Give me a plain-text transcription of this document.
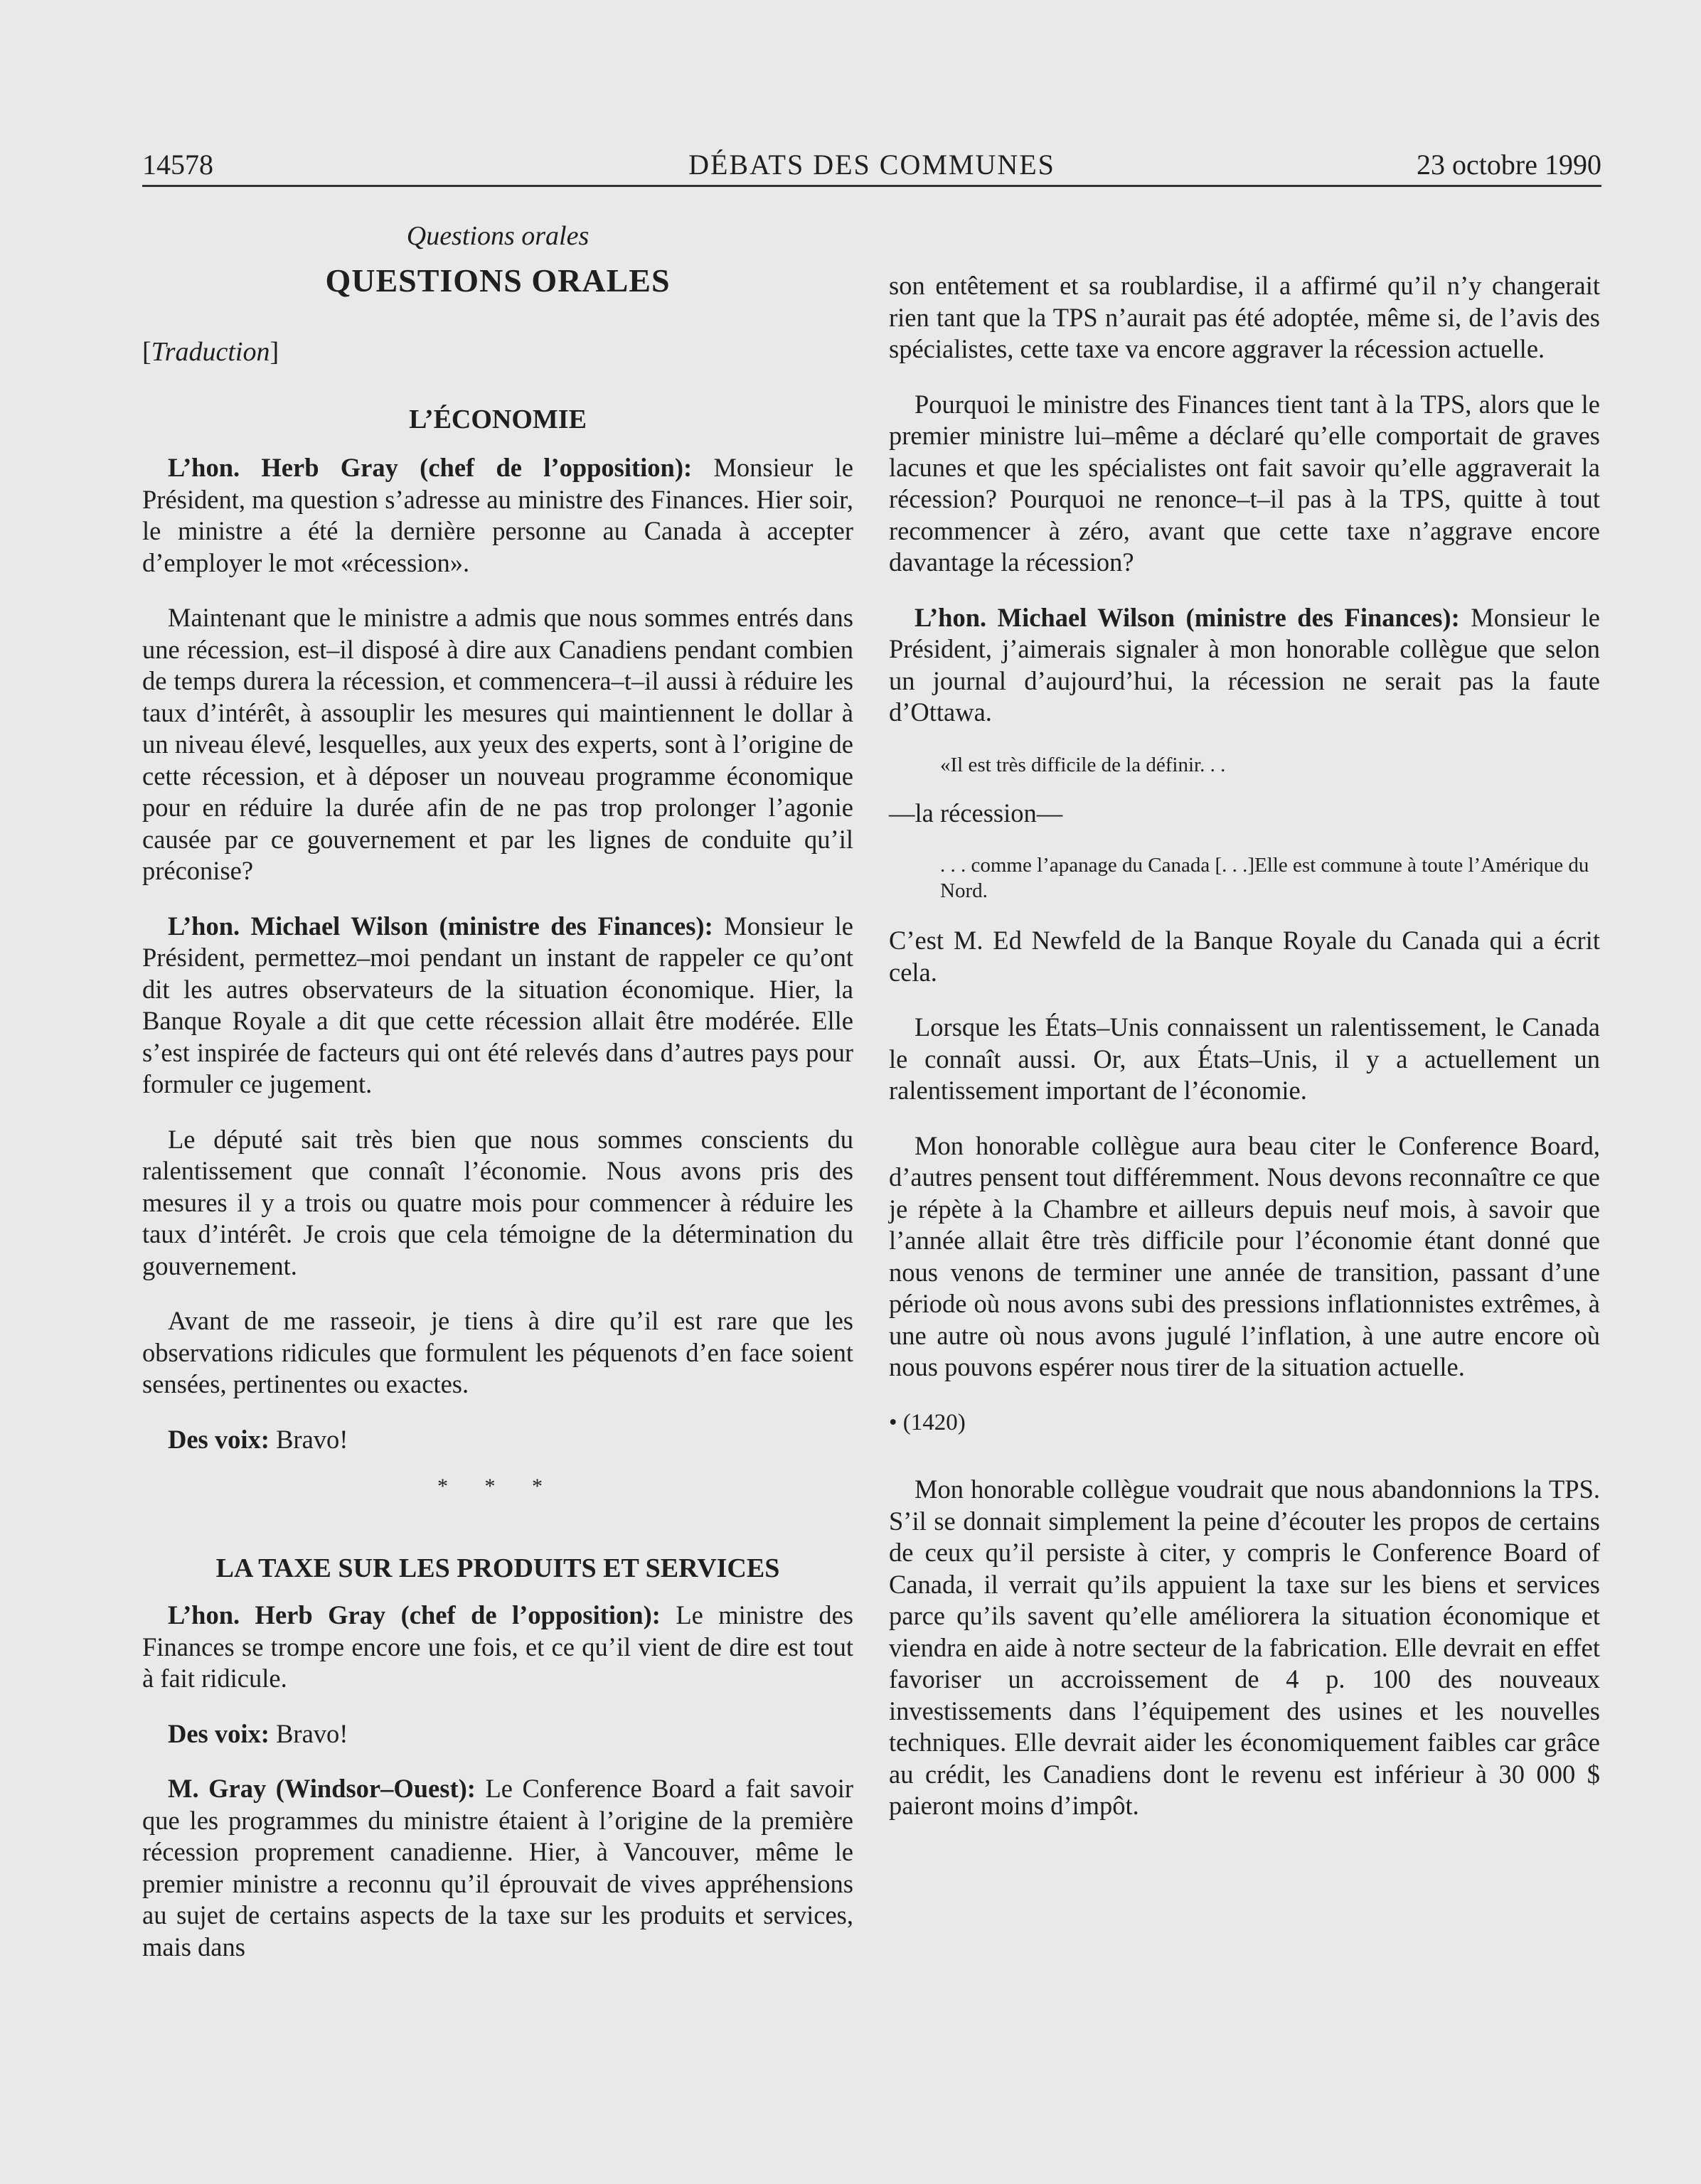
14578	DÉBATS DES COMMUNES	23 octobre 1990
Questions orales
QUESTIONS ORALES
[Traduction]
L’ÉCONOMIE

L’hon. Herb Gray (chef de l’opposition): Monsieur le Président, ma question s’adresse au ministre des Finances. Hier soir, le ministre a été la dernière personne au Canada à accepter d’employer le mot «récession».

Maintenant que le ministre a admis que nous sommes entrés dans une récession, est–il disposé à dire aux Canadiens pendant combien de temps durera la récession, et commencera–t–il aussi à réduire les taux d’intérêt, à assouplir les mesures qui maintiennent le dollar à un niveau élevé, lesquelles, aux yeux des experts, sont à l’origine de cette récession, et à déposer un nouveau programme économique pour en réduire la durée afin de ne pas trop prolonger l’agonie causée par ce gouvernement et par les lignes de conduite qu’il préconise?

L’hon. Michael Wilson (ministre des Finances): Monsieur le Président, permettez–moi pendant un instant de rappeler ce qu’ont dit les autres observateurs de la situation économique. Hier, la Banque Royale a dit que cette récession allait être modérée. Elle s’est inspirée de facteurs qui ont été relevés dans d’autres pays pour formuler ce jugement.

Le député sait très bien que nous sommes conscients du ralentissement que connaît l’économie. Nous avons pris des mesures il y a trois ou quatre mois pour commencer à réduire les taux d’intérêt. Je crois que cela témoigne de la détermination du gouvernement.

Avant de me rasseoir, je tiens à dire qu’il est rare que les observations ridicules que formulent les péquenots d’en face soient sensées, pertinentes ou exactes.

Des voix: Bravo!

* * *
LA TAXE SUR LES PRODUITS ET SERVICES

L’hon. Herb Gray (chef de l’opposition): Le ministre des Finances se trompe encore une fois, et ce qu’il vient de dire est tout à fait ridicule.

Des voix: Bravo!

M. Gray (Windsor–Ouest): Le Conference Board a fait savoir que les programmes du ministre étaient à l’origine de la première récession proprement canadienne. Hier, à Vancouver, même le premier ministre a reconnu qu’il éprouvait de vives appréhensions au sujet de certains aspects de la taxe sur les produits et services, mais dans

son entêtement et sa roublardise, il a affirmé qu’il n’y changerait rien tant que la TPS n’aurait pas été adoptée, même si, de l’avis des spécialistes, cette taxe va encore aggraver la récession actuelle.

Pourquoi le ministre des Finances tient tant à la TPS, alors que le premier ministre lui–même a déclaré qu’elle comportait de graves lacunes et que les spécialistes ont fait savoir qu’elle aggraverait la récession? Pourquoi ne renonce–t–il pas à la TPS, quitte à tout recommencer à zéro, avant que cette taxe n’aggrave encore davantage la récession?

L’hon. Michael Wilson (ministre des Finances): Monsieur le Président, j’aimerais signaler à mon honorable collègue que selon un journal d’aujourd’hui, la récession ne serait pas la faute d’Ottawa.

«Il est très difficile de la définir. . .

—la récession—

. . . comme l’apanage du Canada [. . .]Elle est commune à toute l’Amérique du Nord.

C’est M. Ed Newfeld de la Banque Royale du Canada qui a écrit cela.

Lorsque les États–Unis connaissent un ralentissement, le Canada le connaît aussi. Or, aux États–Unis, il y a actuellement un ralentissement important de l’économie.

Mon honorable collègue aura beau citer le Conference Board, d’autres pensent tout différemment. Nous devons reconnaître ce que je répète à la Chambre et ailleurs depuis neuf mois, à savoir que l’année allait être très difficile pour l’économie étant donné que nous venons de terminer une année de transition, passant d’une période où nous avons subi des pressions inflationnistes extrêmes, à une autre où nous avons jugulé l’inflation, à une autre encore où nous pouvons espérer nous tirer de la situation actuelle.

• (1420)

Mon honorable collègue voudrait que nous abandonnions la TPS. S’il se donnait simplement la peine d’écouter les propos de certains de ceux qu’il persiste à citer, y compris le Conference Board of Canada, il verrait qu’ils appuient la taxe sur les biens et services parce qu’ils savent qu’elle améliorera la situation économique et viendra en aide à notre secteur de la fabrication. Elle devrait en effet favoriser un accroissement de 4 p. 100 des nouveaux investissements dans l’équipement des usines et les nouvelles techniques. Elle devrait aider les économiquement faibles car grâce au crédit, les Canadiens dont le revenu est inférieur à 30 000 $ paieront moins d’impôt.
